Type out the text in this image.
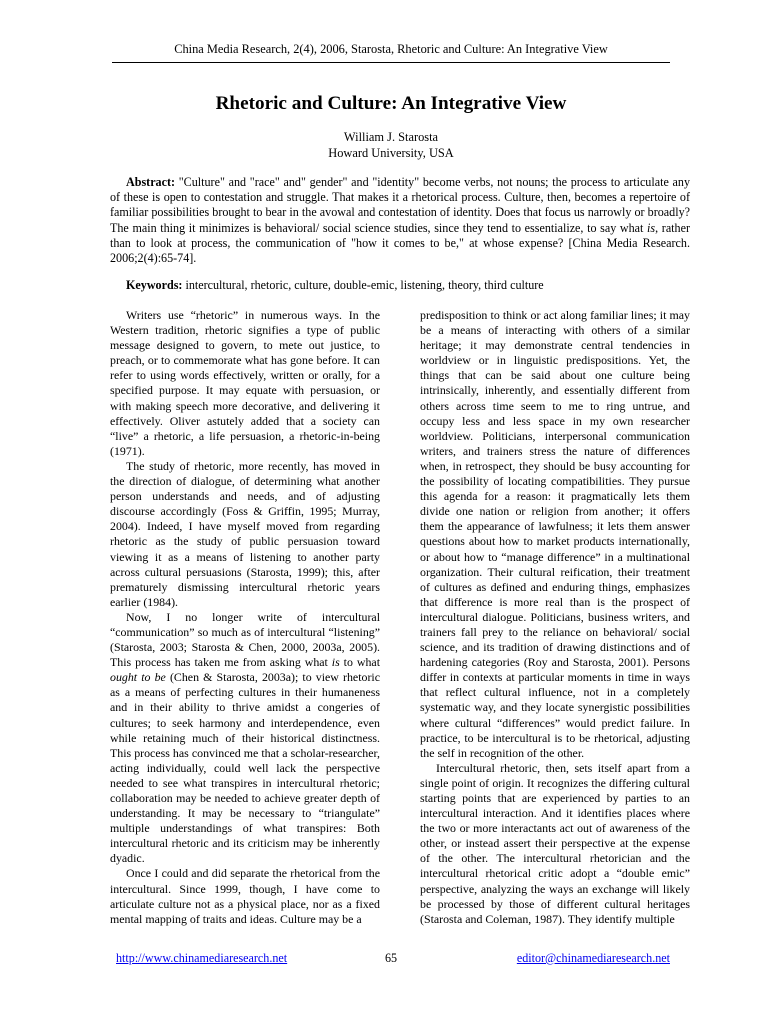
China Media Research, 2(4), 2006, Starosta, Rhetoric and Culture: An Integrative View
Rhetoric and Culture: An Integrative View
William J. Starosta
Howard University, USA

Abstract: "Culture" and "race" and" gender" and "identity" become verbs, not nouns; the process to articulate any of these is open to contestation and struggle. That makes it a rhetorical process. Culture, then, becomes a repertoire of familiar possibilities brought to bear in the avowal and contestation of identity. Does that focus us narrowly or broadly? The main thing it minimizes is behavioral/ social science studies, since they tend to essentialize, to say what is, rather than to look at process, the communication of "how it comes to be," at whose expense? [China Media Research. 2006;2(4):65-74].

Keywords: intercultural, rhetoric, culture, double-emic, listening, theory, third culture

Writers use “rhetoric” in numerous ways. In the Western tradition, rhetoric signifies a type of public message designed to govern, to mete out justice, to preach, or to commemorate what has gone before. It can refer to using words effectively, written or orally, for a specified purpose. It may equate with persuasion, or with making speech more decorative, and delivering it effectively. Oliver astutely added that a society can “live” a rhetoric, a life persuasion, a rhetoric-in-being (1971).

The study of rhetoric, more recently, has moved in the direction of dialogue, of determining what another person understands and needs, and of adjusting discourse accordingly (Foss & Griffin, 1995; Murray, 2004). Indeed, I have myself moved from regarding rhetoric as the study of public persuasion toward viewing it as a means of listening to another party across cultural persuasions (Starosta, 1999); this, after prematurely dismissing intercultural rhetoric years earlier (1984).

Now, I no longer write of intercultural “communication” so much as of intercultural “listening” (Starosta, 2003; Starosta & Chen, 2000, 2003a, 2005). This process has taken me from asking what is to what ought to be (Chen & Starosta, 2003a); to view rhetoric as a means of perfecting cultures in their humaneness and in their ability to thrive amidst a congeries of cultures; to seek harmony and interdependence, even while retaining much of their historical distinctness. This process has convinced me that a scholar-researcher, acting individually, could well lack the perspective needed to see what transpires in intercultural rhetoric; collaboration may be needed to achieve greater depth of understanding. It may be necessary to “triangulate” multiple understandings of what transpires: Both intercultural rhetoric and its criticism may be inherently dyadic.

Once I could and did separate the rhetorical from the intercultural. Since 1999, though, I have come to articulate culture not as a physical place, nor as a fixed mental mapping of traits and ideas. Culture may be a

predisposition to think or act along familiar lines; it may be a means of interacting with others of a similar heritage; it may demonstrate central tendencies in worldview or in linguistic predispositions. Yet, the things that can be said about one culture being intrinsically, inherently, and essentially different from others across time seem to me to ring untrue, and occupy less and less space in my own researcher worldview. Politicians, interpersonal communication writers, and trainers stress the nature of differences when, in retrospect, they should be busy accounting for the possibility of locating compatibilities. They pursue this agenda for a reason: it pragmatically lets them divide one nation or religion from another; it offers them the appearance of lawfulness; it lets them answer questions about how to market products internationally, or about how to “manage difference” in a multinational organization. Their cultural reification, their treatment of cultures as defined and enduring things, emphasizes that difference is more real than is the prospect of intercultural dialogue. Politicians, business writers, and trainers fall prey to the reliance on behavioral/ social science, and its tradition of drawing distinctions and of hardening categories (Roy and Starosta, 2001). Persons differ in contexts at particular moments in time in ways that reflect cultural influence, not in a completely systematic way, and they locate synergistic possibilities where cultural “differences” would predict failure. In practice, to be intercultural is to be rhetorical, adjusting the self in recognition of the other.

Intercultural rhetoric, then, sets itself apart from a single point of origin. It recognizes the differing cultural starting points that are experienced by parties to an intercultural interaction. And it identifies places where the two or more interactants act out of awareness of the other, or instead assert their perspective at the expense of the other. The intercultural rhetorician and the intercultural rhetorical critic adopt a “double emic” perspective, analyzing the ways an exchange will likely be processed by those of different cultural heritages (Starosta and Coleman, 1987). They identify multiple

http://www.chinamediaresearch.net	65	editor@chinamediaresearch.net
